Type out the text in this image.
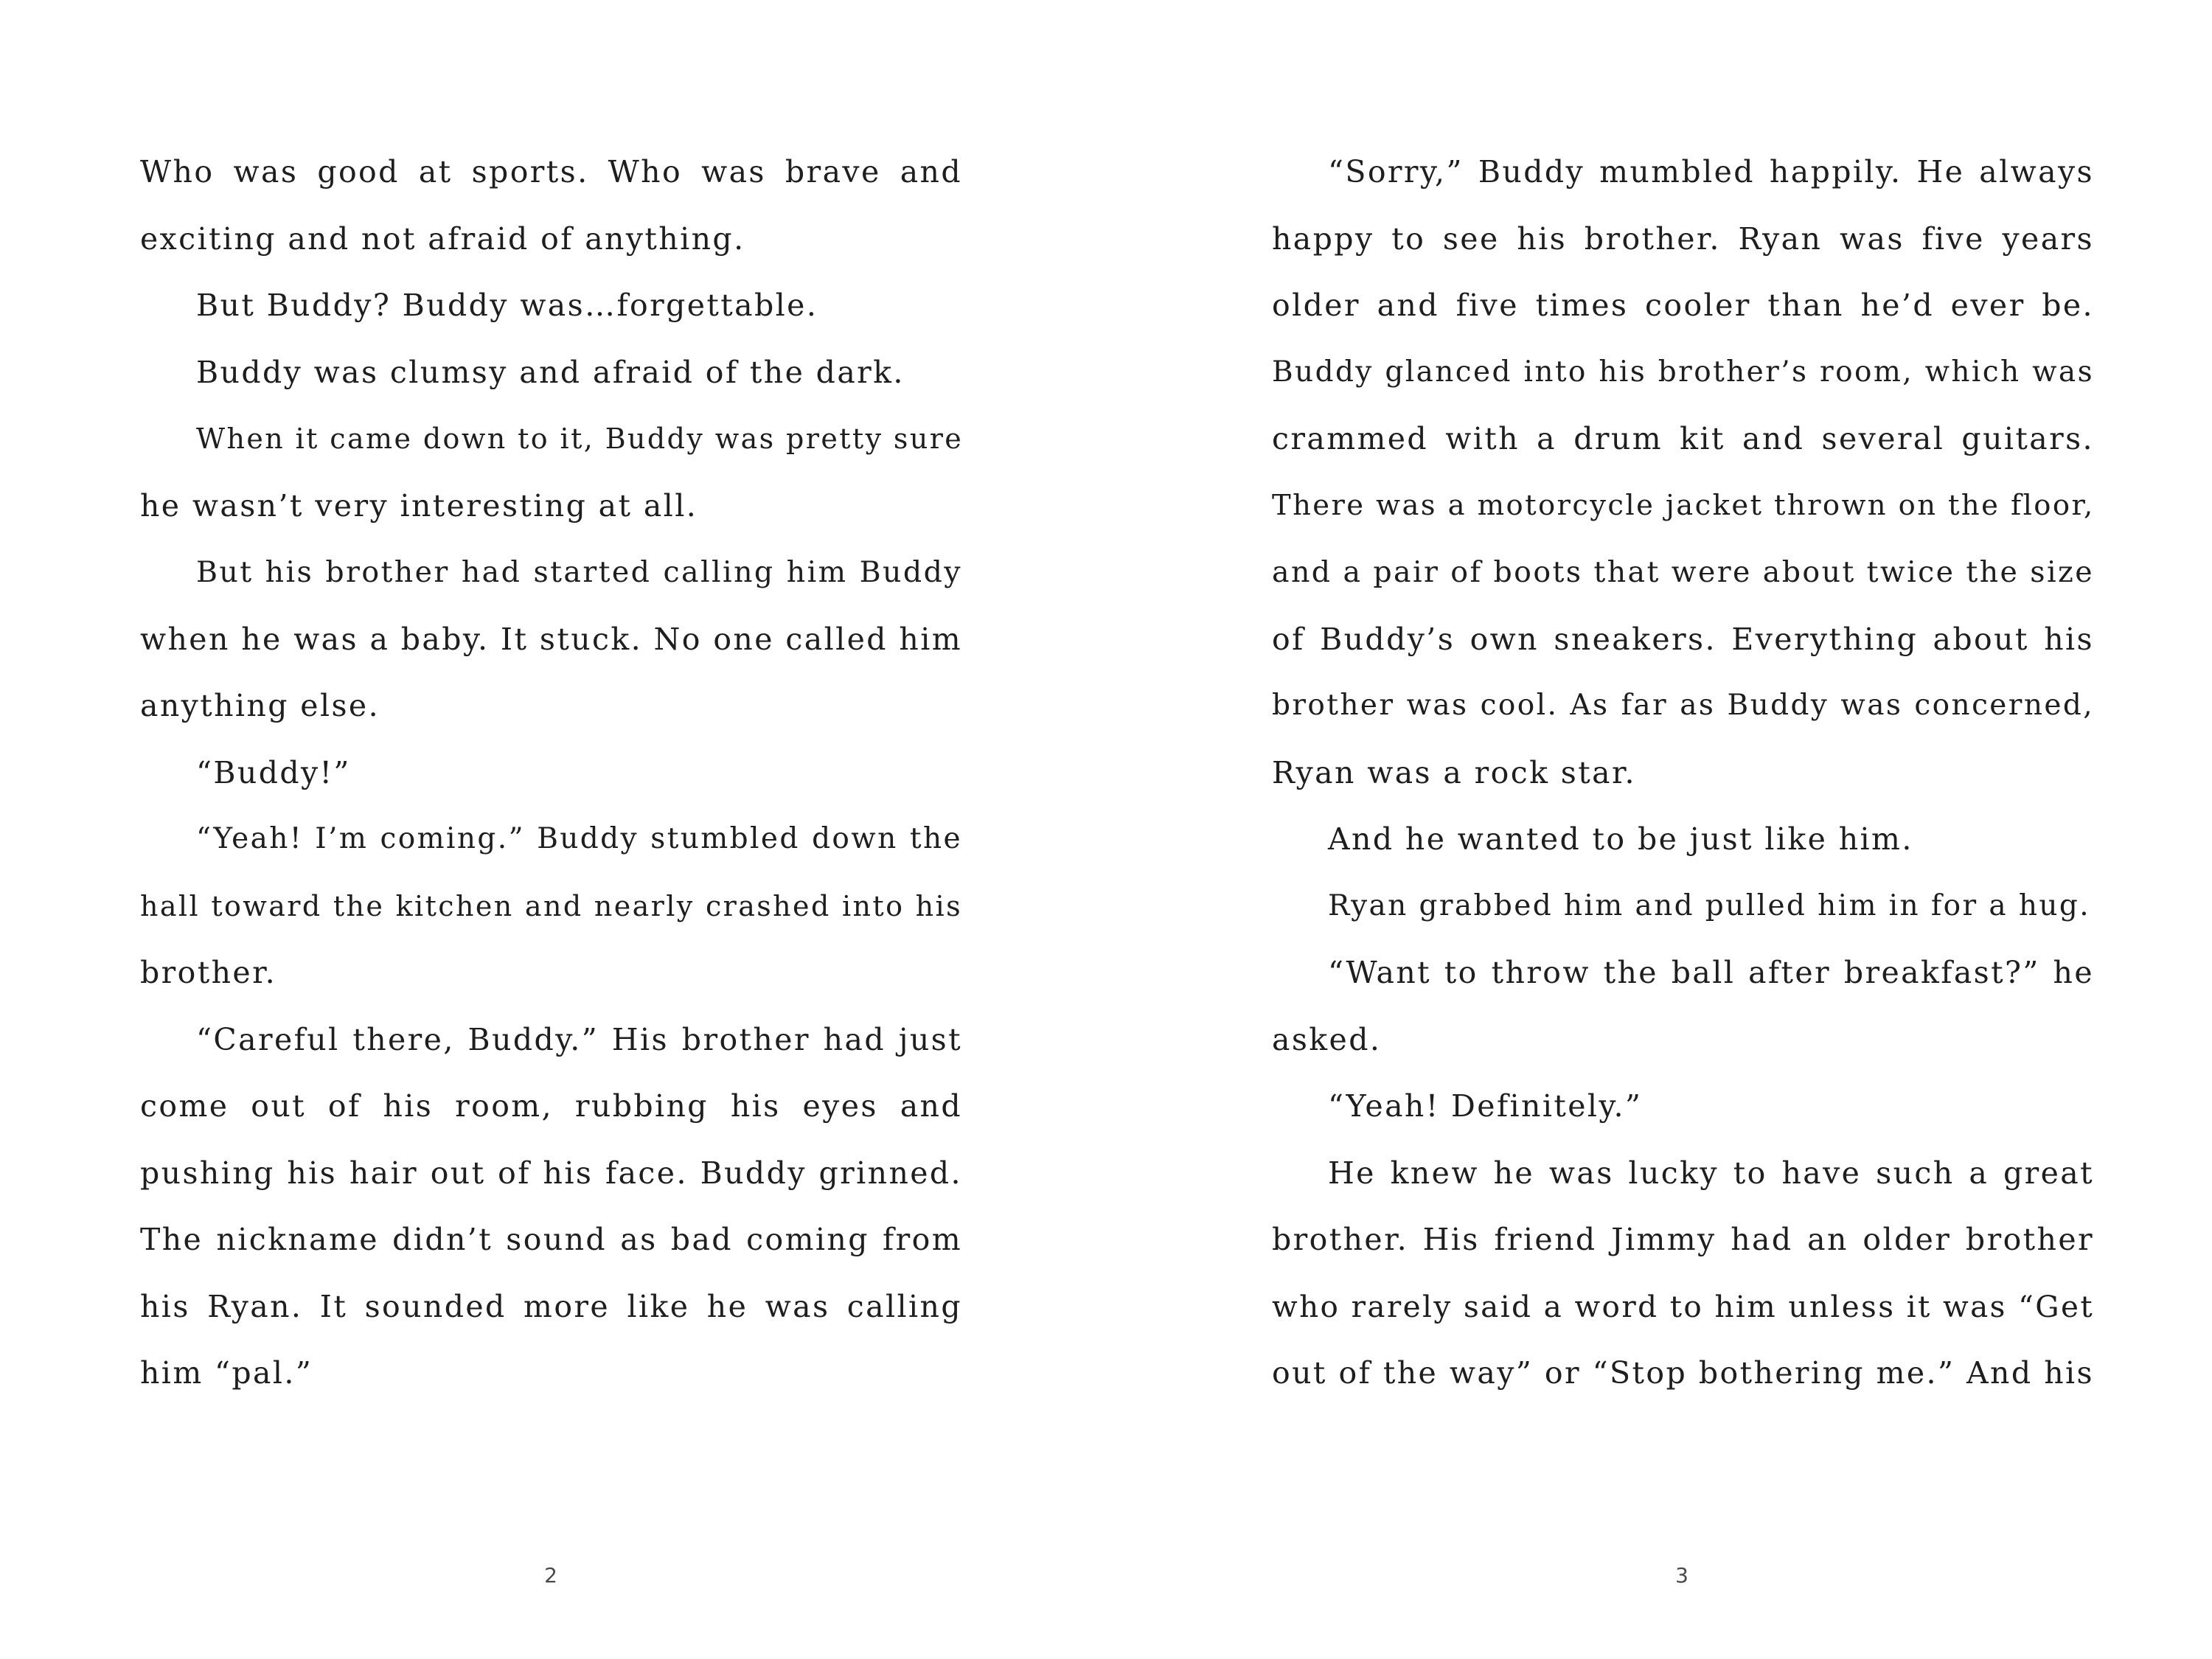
Who was good at sports. Who was brave and
exciting and not afraid of anything.
But Buddy? Buddy was…forgettable.
Buddy was clumsy and afraid of the dark.
When it came down to it, Buddy was pretty sure
he wasn’t very interesting at all.
But his brother had started calling him Buddy
when he was a baby. It stuck. No one called him
anything else.
“Buddy!”
“Yeah! I’m coming.” Buddy stumbled down the
hall toward the kitchen and nearly crashed into his
brother.
“Careful there, Buddy.” His brother had just
come out of his room, rubbing his eyes and
pushing his hair out of his face. Buddy grinned.
The nickname didn’t sound as bad coming from
his Ryan. It sounded more like he was calling
him “pal.”
2
“Sorry,” Buddy mumbled happily. He always
happy to see his brother. Ryan was five years
older and five times cooler than he’d ever be.
Buddy glanced into his brother’s room, which was
crammed with a drum kit and several guitars.
There was a motorcycle jacket thrown on the floor,
and a pair of boots that were about twice the size
of Buddy’s own sneakers. Everything about his
brother was cool. As far as Buddy was concerned,
Ryan was a rock star.
And he wanted to be just like him.
Ryan grabbed him and pulled him in for a hug.
“Want to throw the ball after breakfast?” he
asked.
“Yeah! Definitely.”
He knew he was lucky to have such a great
brother. His friend Jimmy had an older brother
who rarely said a word to him unless it was “Get
out of the way” or “Stop bothering me.” And his
3
